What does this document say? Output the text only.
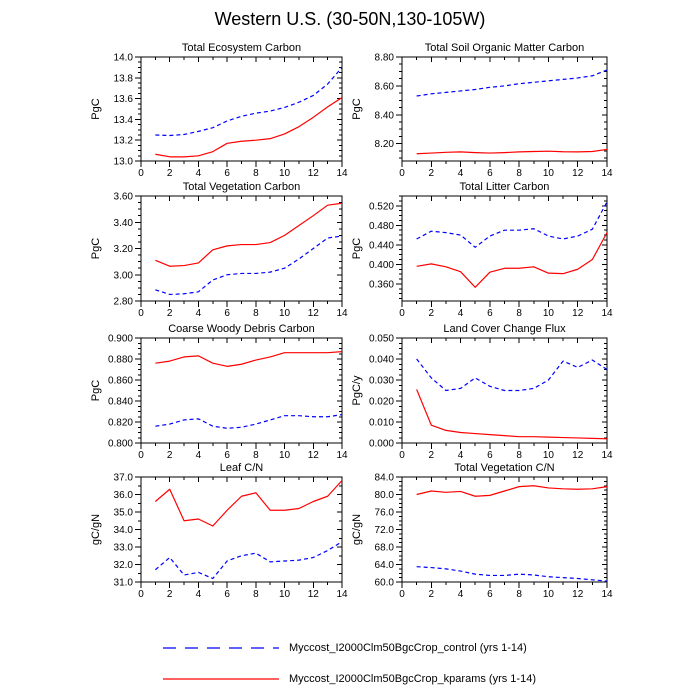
Western U.S. (30-50N,130-105W)
0 2 4 6 8 10 12 14
13.0
13.2
13.4
13.6
13.8
14.0
Total Ecosystem Carbon
PgC
0 2 4 6 8 10 12 14
8.20
8.40
8.60
8.80
Total Soil Organic Matter Carbon
PgC
0 2 4 6 8 10 12 14
2.80
3.00
3.20
3.40
3.60
Total Vegetation Carbon
PgC
0 2 4 6 8 10 12 14
0.360
0.400
0.440
0.480
0.520
Total Litter Carbon
PgC
0 2 4 6 8 10 12 14
0.800
0.820
0.840
0.860
0.880
0.900
Coarse Woody Debris Carbon
PgC
0 2 4 6 8 10 12 14
0.000
0.010
0.020
0.030
0.040
0.050
Land Cover Change Flux
PgC/y
0 2 4 6 8 10 12 14
31.0
32.0
33.0
34.0
35.0
36.0
37.0
Leaf C/N
gC/gN
0 2 4 6 8 10 12 14
60.0
64.0
68.0
72.0
76.0
80.0
84.0
Total Vegetation C/N
gC/gN
Myccost_I2000Clm50BgcCrop_control (yrs 1-14)
Myccost_I2000Clm50BgcCrop_kparams (yrs 1-14)
